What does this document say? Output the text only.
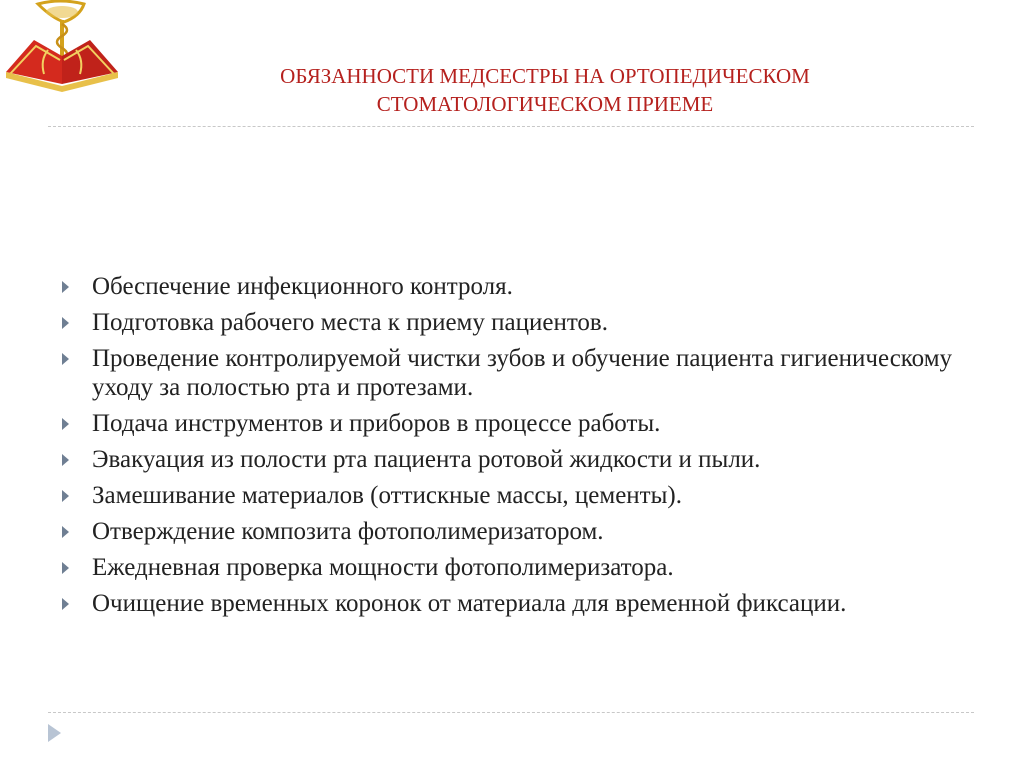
ОБЯЗАННОСТИ МЕДСЕСТРЫ НА ОРТОПЕДИЧЕСКОМ
СТОМАТОЛОГИЧЕСКОМ ПРИЕМЕ
Обеспечение инфекционного контроля.
Подготовка рабочего места к приему пациентов.
Проведение контролируемой чистки зубов и обучение пациента гигиеническому уходу за полостью рта и протезами.
Подача инструментов и приборов в процессе работы.
Эвакуация из полости рта пациента ротовой жидкости и пыли.
Замешивание материалов (оттискные массы, цементы).
Отверждение композита фотополимеризатором.
Ежедневная проверка мощности фотополимеризатора.
Очищение временных коронок от материала для временной фиксации.
